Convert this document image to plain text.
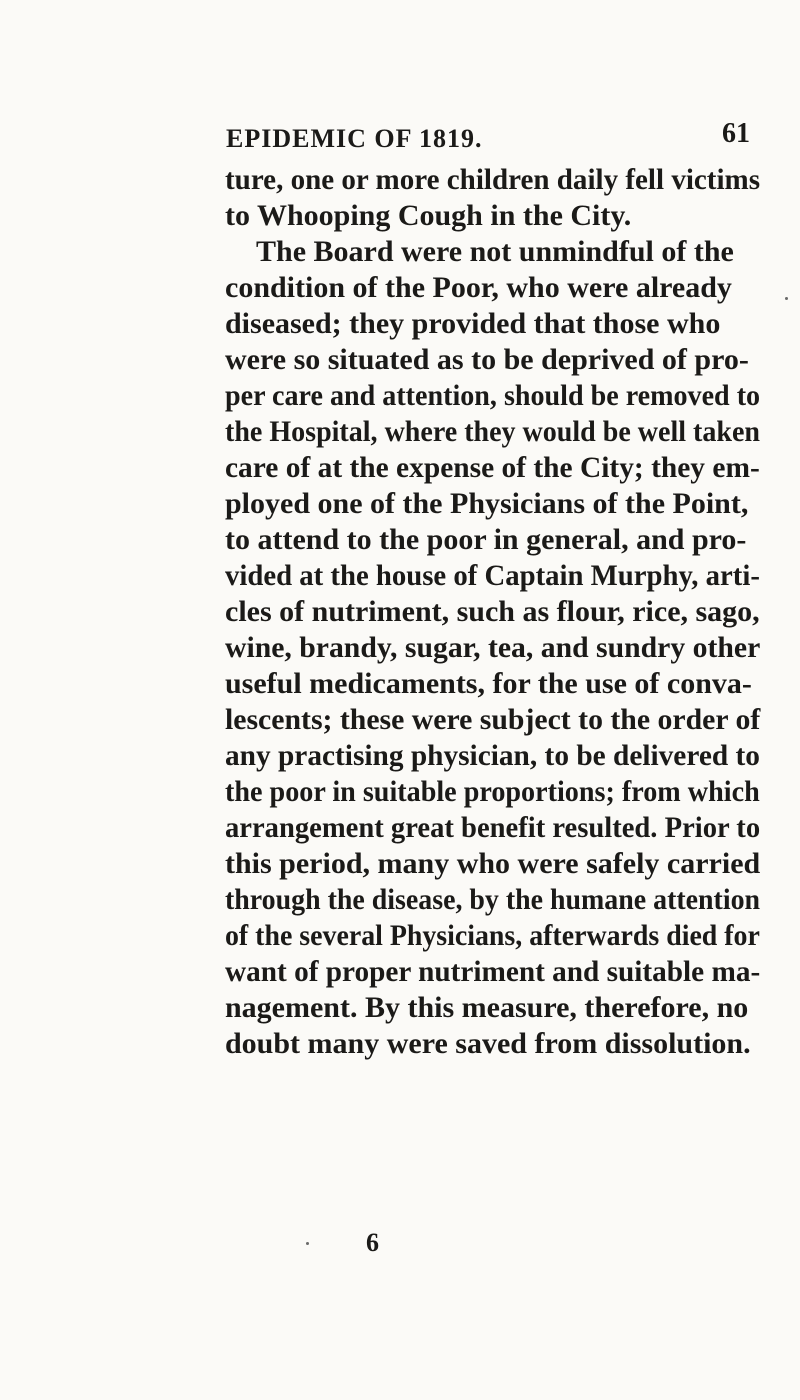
EPIDEMIC OF 1819.	61
ture, one or more children daily fell victims
to Whooping Cough in the City.
The Board were not unmindful of the
condition of the Poor, who were already
diseased; they provided that those who
were so situated as to be deprived of pro-
per care and attention, should be removed to
the Hospital, where they would be well taken
care of at the expense of the City; they em-
ployed one of the Physicians of the Point,
to attend to the poor in general, and pro-
vided at the house of Captain Murphy, arti-
cles of nutriment, such as flour, rice, sago,
wine, brandy, sugar, tea, and sundry other
useful medicaments, for the use of conva-
lescents; these were subject to the order of
any practising physician, to be delivered to
the poor in suitable proportions; from which
arrangement great benefit resulted. Prior to
this period, many who were safely carried
through the disease, by the humane attention
of the several Physicians, afterwards died for
want of proper nutriment and suitable ma-
nagement. By this measure, therefore, no
doubt many were saved from dissolution.
6
